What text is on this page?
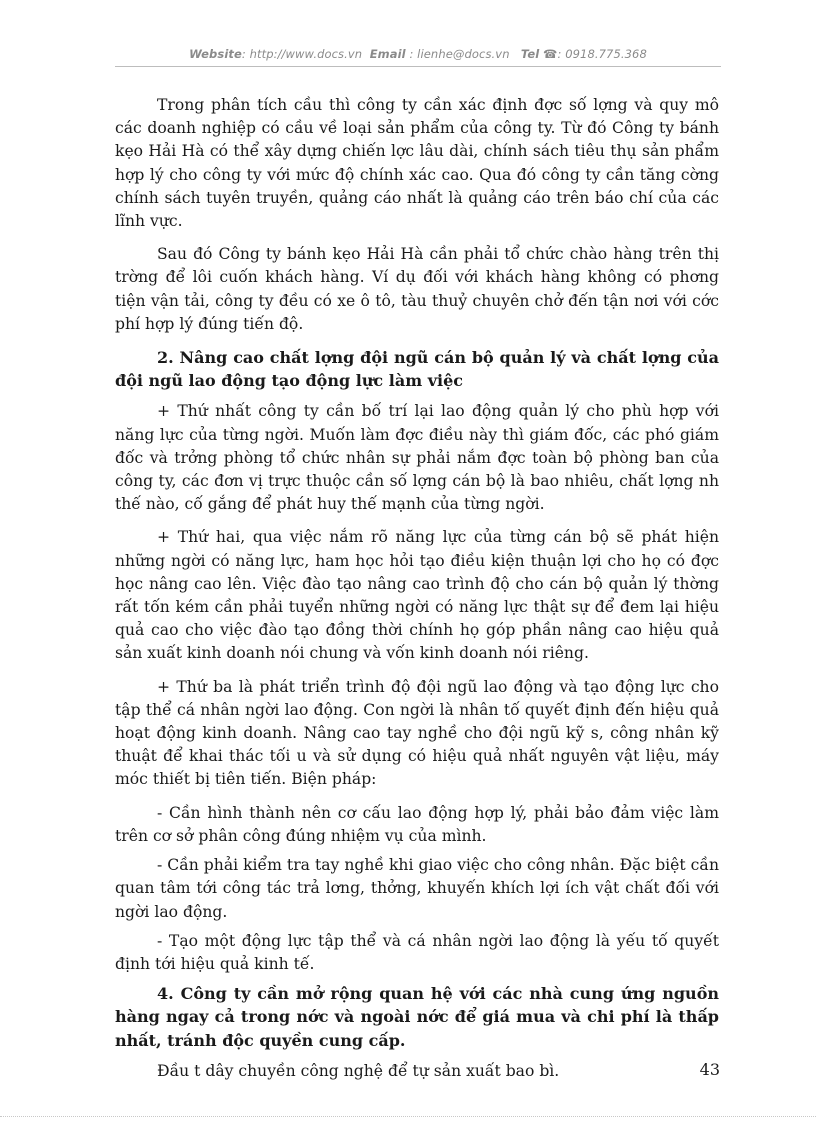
Website: http://www.docs.vn Email : lienhe@docs.vn Tel ☎: 0918.775.368

Trong phân tích cầu thì công ty cần xác định đợc số lợng và quy mô các doanh nghiệp có cầu về loại sản phẩm của công ty. Từ đó Công ty bánh kẹo Hải Hà có thể xây dựng chiến lợc lâu dài, chính sách tiêu thụ sản phẩm hợp lý cho công ty với mức độ chính xác cao. Qua đó công ty cần tăng cờng chính sách tuyên truyền, quảng cáo nhất là quảng cáo trên báo chí của các lĩnh vực.

Sau đó Công ty bánh kẹo Hải Hà cần phải tổ chức chào hàng trên thị trờng để lôi cuốn khách hàng. Ví dụ đối với khách hàng không có phơng tiện vận tải, công ty đều có xe ô tô, tàu thuỷ chuyên chở đến tận nơi với cớc phí hợp lý đúng tiến độ.

2. Nâng cao chất lợng đội ngũ cán bộ quản lý và chất lợng của đội ngũ lao động tạo động lực làm việc

+ Thứ nhất công ty cần bố trí lại lao động quản lý cho phù hợp với năng lực của từng ngời. Muốn làm đợc điều này thì giám đốc, các phó giám đốc và trởng phòng tổ chức nhân sự phải nắm đợc toàn bộ phòng ban của công ty, các đơn vị trực thuộc cần số lợng cán bộ là bao nhiêu, chất lợng nh thế nào, cố gắng để phát huy thế mạnh của từng ngời.

+ Thứ hai, qua việc nắm rõ năng lực của từng cán bộ sẽ phát hiện những ngời có năng lực, ham học hỏi tạo điều kiện thuận lợi cho họ có đợc học nâng cao lên. Việc đào tạo nâng cao trình độ cho cán bộ quản lý thờng rất tốn kém cần phải tuyển những ngời có năng lực thật sự để đem lại hiệu quả cao cho việc đào tạo đồng thời chính họ góp phần nâng cao hiệu quả sản xuất kinh doanh nói chung và vốn kinh doanh nói riêng.

+ Thứ ba là phát triển trình độ đội ngũ lao động và tạo động lực cho tập thể cá nhân ngời lao động. Con ngời là nhân tố quyết định đến hiệu quả hoạt động kinh doanh. Nâng cao tay nghề cho đội ngũ kỹ s, công nhân kỹ thuật để khai thác tối u và sử dụng có hiệu quả nhất nguyên vật liệu, máy móc thiết bị tiên tiến. Biện pháp:

- Cần hình thành nên cơ cấu lao động hợp lý, phải bảo đảm việc làm trên cơ sở phân công đúng nhiệm vụ của mình.

- Cần phải kiểm tra tay nghề khi giao việc cho công nhân. Đặc biệt cần quan tâm tới công tác trả lơng, thởng, khuyến khích lợi ích vật chất đối với ngời lao động.

- Tạo một động lực tập thể và cá nhân ngời lao động là yếu tố quyết định tới hiệu quả kinh tế.

4. Công ty cần mở rộng quan hệ với các nhà cung ứng nguồn hàng ngay cả trong nớc và ngoài nớc để giá mua và chi phí là thấp nhất, tránh độc quyền cung cấp.

Đầu t dây chuyền công nghệ để tự sản xuất bao bì.	43
